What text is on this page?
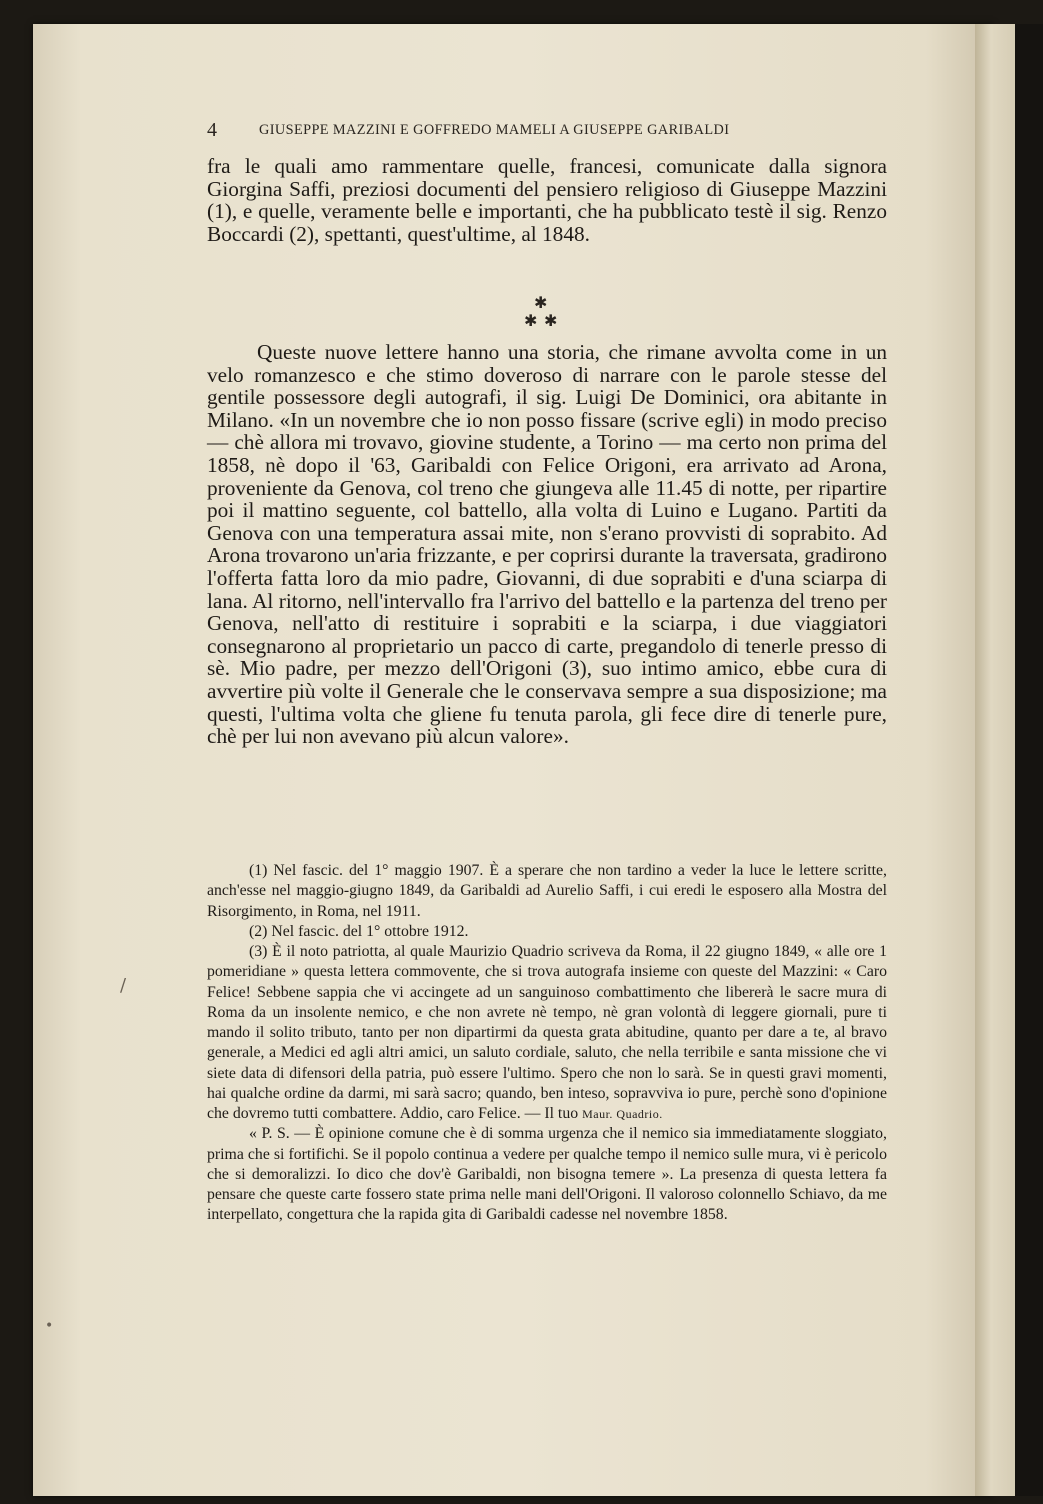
4	GIUSEPPE MAZZINI E GOFFREDO MAMELI A GIUSEPPE GARIBALDI

fra le quali amo rammentare quelle, francesi, comunicate dalla signora Giorgina Saffi, preziosi documenti del pensiero religioso di Giuseppe Mazzini (1), e quelle, veramente belle e importanti, che ha pubblicato testè il sig. Renzo Boccardi (2), spettanti, quest'ultime, al 1848.

✱
✱ ✱

Queste nuove lettere hanno una storia, che rimane avvolta come in un velo romanzesco e che stimo doveroso di narrare con le parole stesse del gentile possessore degli autografi, il sig. Luigi De Dominici, ora abitante in Milano. «In un novembre che io non posso fissare (scrive egli) in modo preciso — chè allora mi trovavo, giovine studente, a Torino — ma certo non prima del 1858, nè dopo il '63, Garibaldi con Felice Origoni, era arrivato ad Arona, proveniente da Genova, col treno che giungeva alle 11.45 di notte, per ripartire poi il mattino seguente, col battello, alla volta di Luino e Lugano. Partiti da Genova con una temperatura assai mite, non s'erano provvisti di soprabito. Ad Arona trovarono un'aria frizzante, e per coprirsi durante la traversata, gradirono l'offerta fatta loro da mio padre, Giovanni, di due soprabiti e d'una sciarpa di lana. Al ritorno, nell'intervallo fra l'arrivo del battello e la partenza del treno per Genova, nell'atto di restituire i soprabiti e la sciarpa, i due viaggiatori consegnarono al proprietario un pacco di carte, pregandolo di tenerle presso di sè. Mio padre, per mezzo dell'Origoni (3), suo intimo amico, ebbe cura di avvertire più volte il Generale che le conservava sempre a sua disposizione; ma questi, l'ultima volta che gliene fu tenuta parola, gli fece dire di tenerle pure, chè per lui non avevano più alcun valore».

(1) Nel fascic. del 1° maggio 1907. È a sperare che non tardino a veder la luce le lettere scritte, anch'esse nel maggio-giugno 1849, da Garibaldi ad Aurelio Saffi, i cui eredi le esposero alla Mostra del Risorgimento, in Roma, nel 1911.

(2) Nel fascic. del 1° ottobre 1912.

(3) È il noto patriotta, al quale Maurizio Quadrio scriveva da Roma, il 22 giugno 1849, « alle ore 1 pomeridiane » questa lettera commovente, che si trova autografa insieme con queste del Mazzini: « Caro Felice! Sebbene sappia che vi accingete ad un sanguinoso combattimento che libererà le sacre mura di Roma da un insolente nemico, e che non avrete nè tempo, nè gran volontà di leggere giornali, pure ti mando il solito tributo, tanto per non dipartirmi da questa grata abitudine, quanto per dare a te, al bravo generale, a Medici ed agli altri amici, un saluto cordiale, saluto, che nella terribile e santa missione che vi siete data di difensori della patria, può essere l'ultimo. Spero che non lo sarà. Se in questi gravi momenti, hai qualche ordine da darmi, mi sarà sacro; quando, ben inteso, sopravviva io pure, perchè sono d'opinione che dovremo tutti combattere. Addio, caro Felice. — Il tuo Maur. Quadrio.

« P. S. — È opinione comune che è di somma urgenza che il nemico sia immediatamente sloggiato, prima che si fortifichi. Se il popolo continua a vedere per qualche tempo il nemico sulle mura, vi è pericolo che si demoralizzi. Io dico che dov'è Garibaldi, non bisogna temere ». La presenza di questa lettera fa pensare che queste carte fossero state prima nelle mani dell'Origoni. Il valoroso colonnello Schiavo, da me interpellato, congettura che la rapida gita di Garibaldi cadesse nel novembre 1858.

/
•
